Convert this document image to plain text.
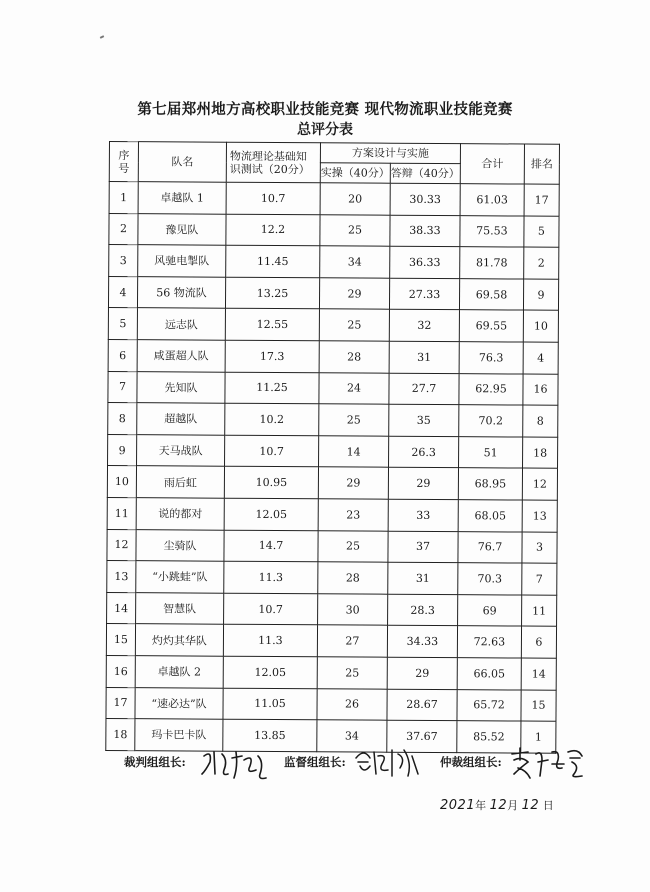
第七届郑州地方高校职业技能竞赛 现代物流职业技能竞赛
总评分表
序号	队名	物流理论基础知识测试（20分）	方案设计与实施		合计	排名
			实操（40分）	答辩（40分）		
1	卓越队 1	10.7	20	30.33	61.03	17
2	豫见队	12.2	25	38.33	75.53	5
3	风驰电掣队	11.45	34	36.33	81.78	2
4	56 物流队	13.25	29	27.33	69.58	9
5	远志队	12.55	25	32	69.55	10
6	咸蛋超人队	17.3	28	31	76.3	4
7	先知队	11.25	24	27.7	62.95	16
8	超越队	10.2	25	35	70.2	8
9	天马战队	10.7	14	26.3	51	18
10	雨后虹	10.95	29	29	68.95	12
11	说的都对	12.05	23	33	68.05	13
12	尘骑队	14.7	25	37	76.7	3
13	“小跳蛙”队	11.3	28	31	70.3	7
14	智慧队	10.7	30	28.3	69	11
15	灼灼其华队	11.3	27	34.33	72.63	6
16	卓越队 2	12.05	25	29	66.05	14
17	“速必达”队	11.05	26	28.67	65.72	15
18	玛卡巴卡队	13.85	34	37.67	85.52	1
裁判组组长:	监督组组长:	仲裁组组长:
2021年 12月 12 日
